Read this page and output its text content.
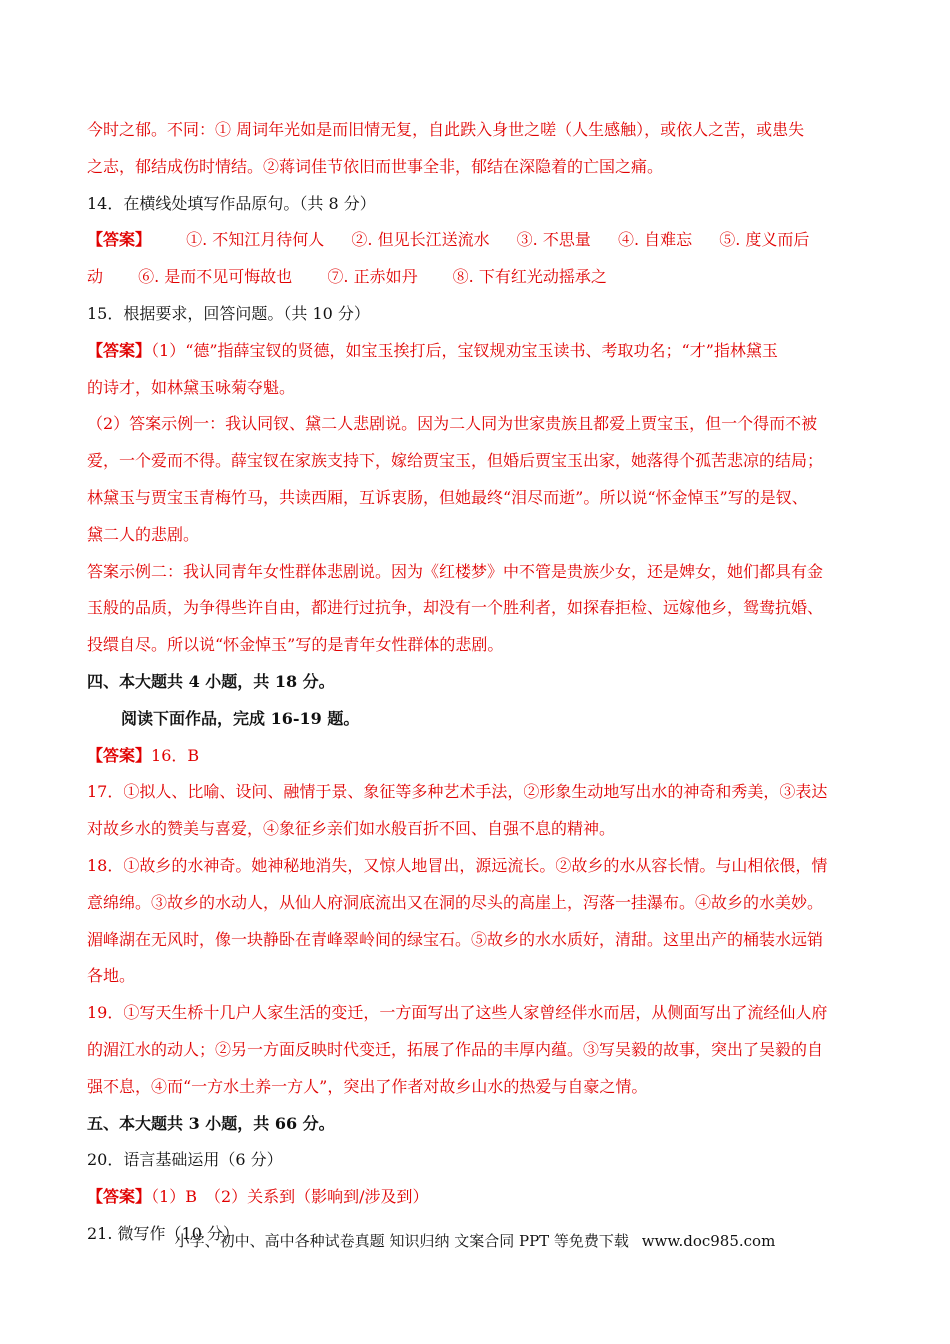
今时之郁。不同：① 周词年光如是而旧情无复，自此跌入身世之嗟（人生感触），或依人之苦，或患失
之志，郁结成伤时情结。②蒋词佳节依旧而世事全非，郁结在深隐着的亡国之痛。
14．在横线处填写作品原句。（共 8 分）
【答案】 ①. 不知江月待何人 ②. 但见长江送流水 ③. 不思量 ④. 自难忘 ⑤. 度义而后
动 ⑥. 是而不见可悔故也 ⑦. 正赤如丹 ⑧. 下有红光动摇承之
15．根据要求，回答问题。（共 10 分）
【答案】（1）“德”指薛宝钗的贤德，如宝玉挨打后，宝钗规劝宝玉读书、考取功名；“才”指林黛玉
的诗才，如林黛玉咏菊夺魁。
（2）答案示例一：我认同钗、黛二人悲剧说。因为二人同为世家贵族且都爱上贾宝玉，但一个得而不被
爱，一个爱而不得。薛宝钗在家族支持下，嫁给贾宝玉，但婚后贾宝玉出家，她落得个孤苦悲凉的结局；
林黛玉与贾宝玉青梅竹马，共读西厢，互诉衷肠，但她最终“泪尽而逝”。所以说“怀金悼玉”写的是钗、
黛二人的悲剧。
答案示例二：我认同青年女性群体悲剧说。因为《红楼梦》中不管是贵族少女，还是婢女，她们都具有金
玉般的品质，为争得些许自由，都进行过抗争，却没有一个胜利者，如探春拒检、远嫁他乡，鸳鸯抗婚、
投缳自尽。所以说“怀金悼玉”写的是青年女性群体的悲剧。
四、本大题共 4 小题，共 18 分。
阅读下面作品，完成 16-19 题。
【答案】16．B
17．①拟人、比喻、设问、融情于景、象征等多种艺术手法，②形象生动地写出水的神奇和秀美，③表达
对故乡水的赞美与喜爱，④象征乡亲们如水般百折不回、自强不息的精神。
18．①故乡的水神奇。她神秘地消失，又惊人地冒出，源远流长。②故乡的水从容长情。与山相依偎，情
意绵绵。③故乡的水动人，从仙人府洞底流出又在洞的尽头的高崖上，泻落一挂瀑布。④故乡的水美妙。
湄峰湖在无风时，像一块静卧在青峰翠岭间的绿宝石。⑤故乡的水水质好，清甜。这里出产的桶装水远销
各地。
19．①写天生桥十几户人家生活的变迁，一方面写出了这些人家曾经伴水而居，从侧面写出了流经仙人府
的湄江水的动人；②另一方面反映时代变迁，拓展了作品的丰厚内蕴。③写吴毅的故事，突出了吴毅的自
强不息，④而“一方水土养一方人”，突出了作者对故乡山水的热爱与自豪之情。
五、本大题共 3 小题，共 66 分。
20．语言基础运用（6 分）
【答案】（1）B　（2）关系到（影响到/涉及到）
21. 微写作（10 分）
小学、初中、高中各种试卷真题 知识归纳 文案合同 PPT 等免费下载 www.doc985.com
